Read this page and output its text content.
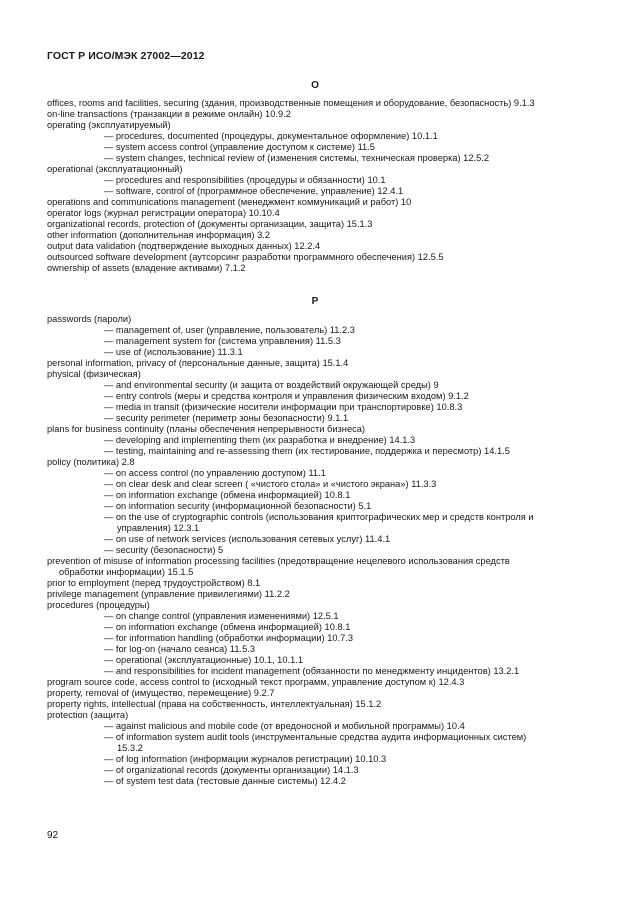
ГОСТ Р ИСО/МЭК 27002—2012
O
offices, rooms and facilities, securing (здания, производственные помещения и оборудование, безопасность) 9.1.3
on-line transactions (транзакции в режиме онлайн) 10.9.2
operating (эксплуатируемый)
— procedures, documented (процедуры, документальное оформление) 10.1.1
— system access control (управление доступом к системе) 11.5
— system changes, technical review of (изменения системы, техническая проверка) 12.5.2
operational (эксплуатационный)
— procedures and responsibilities (процедуры и обязанности) 10.1
— software, control of (программное обеспечение, управление) 12.4.1
operations and communications management (менеджмент коммуникаций и работ) 10
operator logs (журнал регистрации оператора) 10.10.4
organizational records, protection of (документы организации, защита) 15.1.3
other information (дополнительная информация) 3.2
output data validation (подтверждение выходных данных) 12.2.4
outsourced software development (аутсорсинг разработки программного обеспечения) 12.5.5
ownership of assets (владение активами) 7.1.2
P
passwords (пароли)
— management of, user (управление, пользователь) 11.2.3
— management system for (система управления) 11.5.3
— use of (использование) 11.3.1
personal information, privacy of (персональные данные, защита) 15.1.4
physical (физическая)
— and environmental security (и защита от воздействий окружающей среды) 9
— entry controls (меры и средства контроля и управления физическим входом) 9.1.2
— media in transit (физические носители информации при транспортировке) 10.8.3
— security perimeter (периметр зоны безопасности) 9.1.1
plans for business continuity (планы обеспечения непрерывности бизнеса)
— developing and implementing them (их разработка и внедрение) 14.1.3
— testing, maintaining and re-assessing them (их тестирование, поддержка и пересмотр) 14.1.5
policy (политика) 2.8
— on access control (по управлению доступом) 11.1
— on clear desk and clear screen ( «чистого стола» и «чистого экрана») 11.3.3
— on information exchange (обмена информацией) 10.8.1
— on information security (информационной безопасности) 5.1
— on the use of cryptographic controls (использования криптографических мер и средств контроля и
управления) 12.3.1
— on use of network services (использования сетевых услуг) 11.4.1
— security (безопасности) 5
prevention of misuse of information processing facilities (предотвращение нецелевого использования средств
обработки информации) 15.1.5
prior to employment (перед трудоустройством) 8.1
privilege management (управление привилегиями) 11.2.2
procedures (процедуры)
— on change control (управления изменениями) 12.5.1
— on information exchange (обмена информацией) 10.8.1
— for information handling (обработки информации) 10.7.3
— for log-on (начало сеанса) 11.5.3
— operational (эксплуатационные) 10.1, 10.1.1
— and responsibilities for incident management (обязанности по менеджменту инцидентов) 13.2.1
program source code, access control to (исходный текст программ, управление доступом к) 12.4.3
property, removal of (имущество, перемещение) 9.2.7
property rights, intellectual (права на собственность, интеллектуальная) 15.1.2
protection (защита)
— against malicious and mobile code (от вредоносной и мобильной программы) 10.4
— of information system audit tools (инструментальные средства аудита информационных систем)
15.3.2
— of log information (информации журналов регистрации) 10.10.3
— of organizational records (документы организации) 14.1.3
— of system test data (тестовые данные системы) 12.4.2
92
